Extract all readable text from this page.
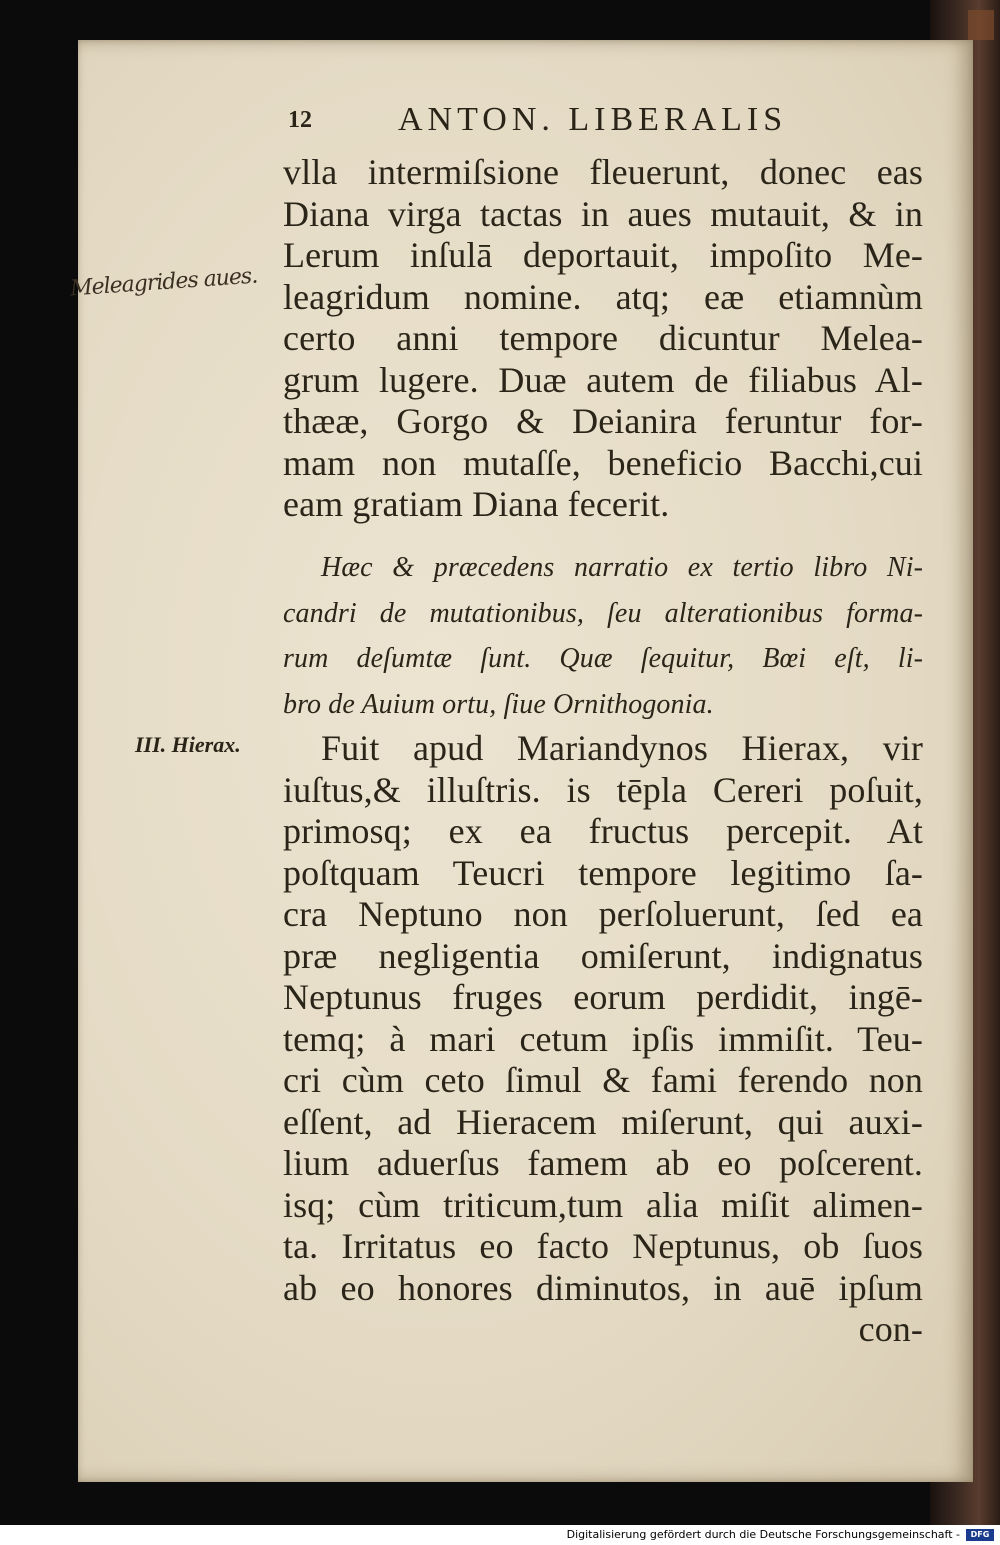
12	ANTON. LIBERALIS
Meleagrides aues.
III. Hierax.
vlla intermiſsione fleuerunt, donec eas
Diana virga tactas in aues mutauit, & in
Lerum inſulā deportauit, impoſito Me-
leagridum nomine. atq; eæ etiamnùm
certo anni tempore dicuntur Melea-
grum lugere. Duæ autem de filiabus Al-
thææ, Gorgo & Deianira feruntur for-
mam non mutaſſe, beneficio Bacchi,cui
eam gratiam Diana fecerit.
Hæc & præcedens narratio ex tertio libro Ni-
candri de mutationibus, ſeu alterationibus forma-
rum deſumtæ ſunt. Quæ ſequitur, Bœi eſt, li-
bro de Auium ortu, ſiue Ornithogonia.
Fuit apud Mariandynos Hierax, vir
iuſtus,& illuſtris. is tēpla Cereri poſuit,
primosq; ex ea fructus percepit. At
poſtquam Teucri tempore legitimo ſa-
cra Neptuno non perſoluerunt, ſed ea
præ negligentia omiſerunt, indignatus
Neptunus fruges eorum perdidit, ingē-
temq; à mari cetum ipſis immiſit. Teu-
cri cùm ceto ſimul & fami ferendo non
eſſent, ad Hieracem miſerunt, qui auxi-
lium aduerſus famem ab eo poſcerent.
isq; cùm triticum,tum alia miſit alimen-
ta. Irritatus eo facto Neptunus, ob ſuos
ab eo honores diminutos, in auē ipſum
con-
Digitalisierung gefördert durch die Deutsche Forschungsgemeinschaft -	DFG
